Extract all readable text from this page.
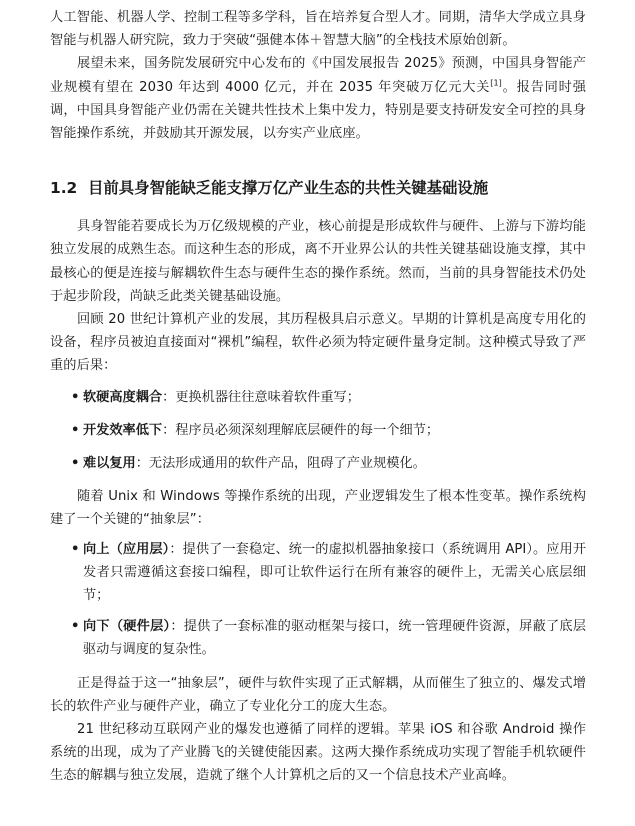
人工智能、机器人学、控制工程等多学科，旨在培养复合型人才。同期，清华大学成立具身智能与机器人研究院，致力于突破“强健本体＋智慧大脑”的全栈技术原始创新。

展望未来，国务院发展研究中心发布的《中国发展报告 2025》预测，中国具身智能产业规模有望在 2030 年达到 4000 亿元，并在 2035 年突破万亿元大关[1]。报告同时强调，中国具身智能产业仍需在关键共性技术上集中发力，特别是要支持研发安全可控的具身智能操作系统，并鼓励其开源发展，以夯实产业底座。

1.2 目前具身智能缺乏能支撑万亿产业生态的共性关键基础设施

具身智能若要成长为万亿级规模的产业，核心前提是形成软件与硬件、上游与下游均能独立发展的成熟生态。而这种生态的形成，离不开业界公认的共性关键基础设施支撑，其中最核心的便是连接与解耦软件生态与硬件生态的操作系统。然而，当前的具身智能技术仍处于起步阶段，尚缺乏此类关键基础设施。

回顾 20 世纪计算机产业的发展，其历程极具启示意义。早期的计算机是高度专用化的设备，程序员被迫直接面对“裸机”编程，软件必须为特定硬件量身定制。这种模式导致了严重的后果：

• 软硬高度耦合：更换机器往往意味着软件重写；
• 开发效率低下：程序员必须深刻理解底层硬件的每一个细节；
• 难以复用：无法形成通用的软件产品，阻碍了产业规模化。

随着 Unix 和 Windows 等操作系统的出现，产业逻辑发生了根本性变革。操作系统构建了一个关键的“抽象层”：

• 向上（应用层）：提供了一套稳定、统一的虚拟机器抽象接口（系统调用 API）。应用开发者只需遵循这套接口编程，即可让软件运行在所有兼容的硬件上，无需关心底层细节；
• 向下（硬件层）：提供了一套标准的驱动框架与接口，统一管理硬件资源，屏蔽了底层驱动与调度的复杂性。

正是得益于这一“抽象层”，硬件与软件实现了正式解耦，从而催生了独立的、爆发式增长的软件产业与硬件产业，确立了专业化分工的庞大生态。

21 世纪移动互联网产业的爆发也遵循了同样的逻辑。苹果 iOS 和谷歌 Android 操作系统的出现，成为了产业腾飞的关键使能因素。这两大操作系统成功实现了智能手机软硬件生态的解耦与独立发展，造就了继个人计算机之后的又一个信息技术产业高峰。
